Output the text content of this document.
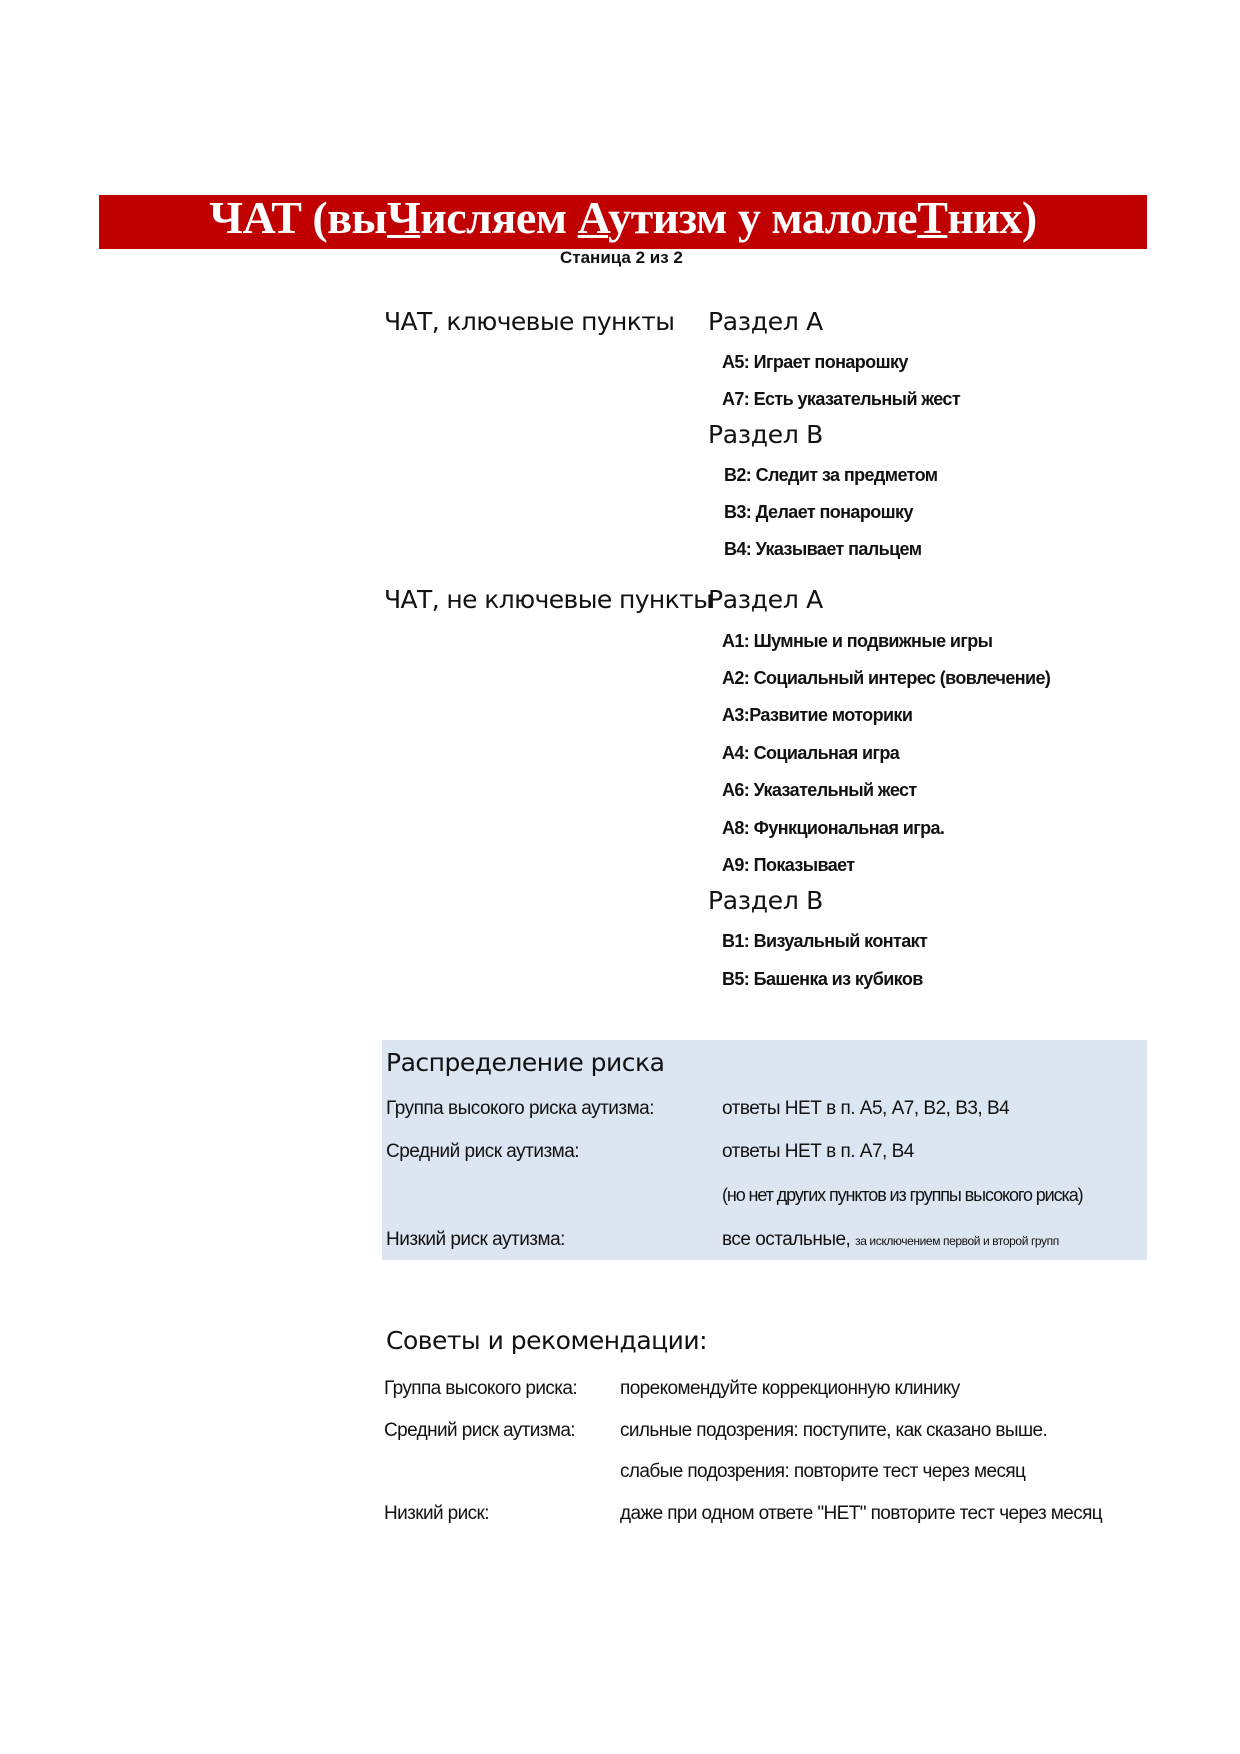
ЧАТ (выЧисляем Аутизм у малолеТних)
Станица 2 из 2
ЧАТ, ключевые пункты Раздел А
А5: Играет понарошку
А7: Есть указательный жест
Раздел В
В2: Следит за предметом
В3: Делает понарошку
В4: Указывает пальцем
ЧАТ, не ключевые пункты
Раздел А
А1: Шумные и подвижные игры
А2: Социальный интерес (вовлечение)
А3:Развитие моторики
А4: Социальная игра
А6: Указательный жест
А8: Функциональная игра.
А9: Показывает
Раздел В
В1: Визуальный контакт
В5: Башенка из кубиков
Распределение риска
Группа высокого риска аутизма:	ответы НЕТ в п. А5, А7, В2, В3, В4
Средний риск аутизма:	ответы НЕТ в п. А7, В4
(но нет других пунктов из группы высокого риска)
Низкий риск аутизма:	все остальные, за исключением первой и второй групп
Советы и рекомендации:
Группа высокого риска: порекомендуйте коррекционную клинику
Средний риск аутизма: сильные подозрения: поступите, как сказано выше.
слабые подозрения: повторите тест через месяц
Низкий риск:	даже при одном ответе "НЕТ" повторите тест через месяц
